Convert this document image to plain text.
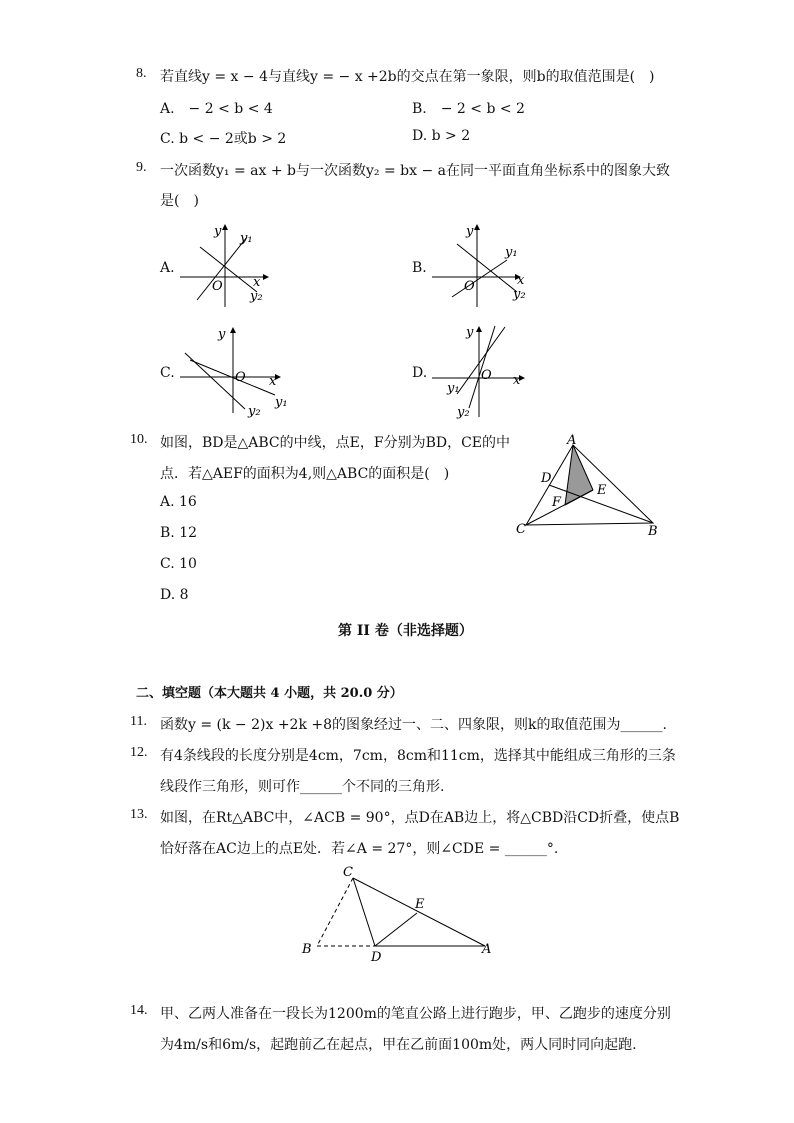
8. 若直线y = x − 4与直线y = − x +2b的交点在第一象限，则b的取值范围是(　)
A.　− 2 < b < 4	B.　− 2 < b < 2
C. b < − 2或b > 2	D. b > 2
9. 一次函数y₁ = ax + b与一次函数y₂ = bx − a在同一平面直角坐标系中的图象大致
是(　)
A.
y y₁
x
O
y₂
B.
y
y₁
x
O
y₂
C.
y
x
O
y₁
y₂
D.
y
x
O
y₁
y₂
10. 如图，BD是△ABC的中线，点E，F分别为BD，CE的中
点．若△AEF的面积为4,则△ABC的面积是(　)
A. 16
B. 12
C. 10
D. 8
A
D
E
F
C	B
第 II 卷（非选择题）
二、填空题（本大题共 4 小题，共 20.0 分）
11. 函数y = (k − 2)x +2k +8的图象经过一、二、四象限，则k的取值范围为______.
12. 有4条线段的长度分别是4cm，7cm，8cm和11cm，选择其中能组成三角形的三条
线段作三角形，则可作______个不同的三角形.
13. 如图，在Rt△ABC中，∠ACB = 90°，点D在AB边上，将△CBD沿CD折叠，使点B
恰好落在AC边上的点E处．若∠A = 27°，则∠CDE = ______°.
C
E
B
D
A
14. 甲、乙两人准备在一段长为1200m的笔直公路上进行跑步，甲、乙跑步的速度分别
为4m/s和6m/s，起跑前乙在起点，甲在乙前面100m处，两人同时同向起跑.
